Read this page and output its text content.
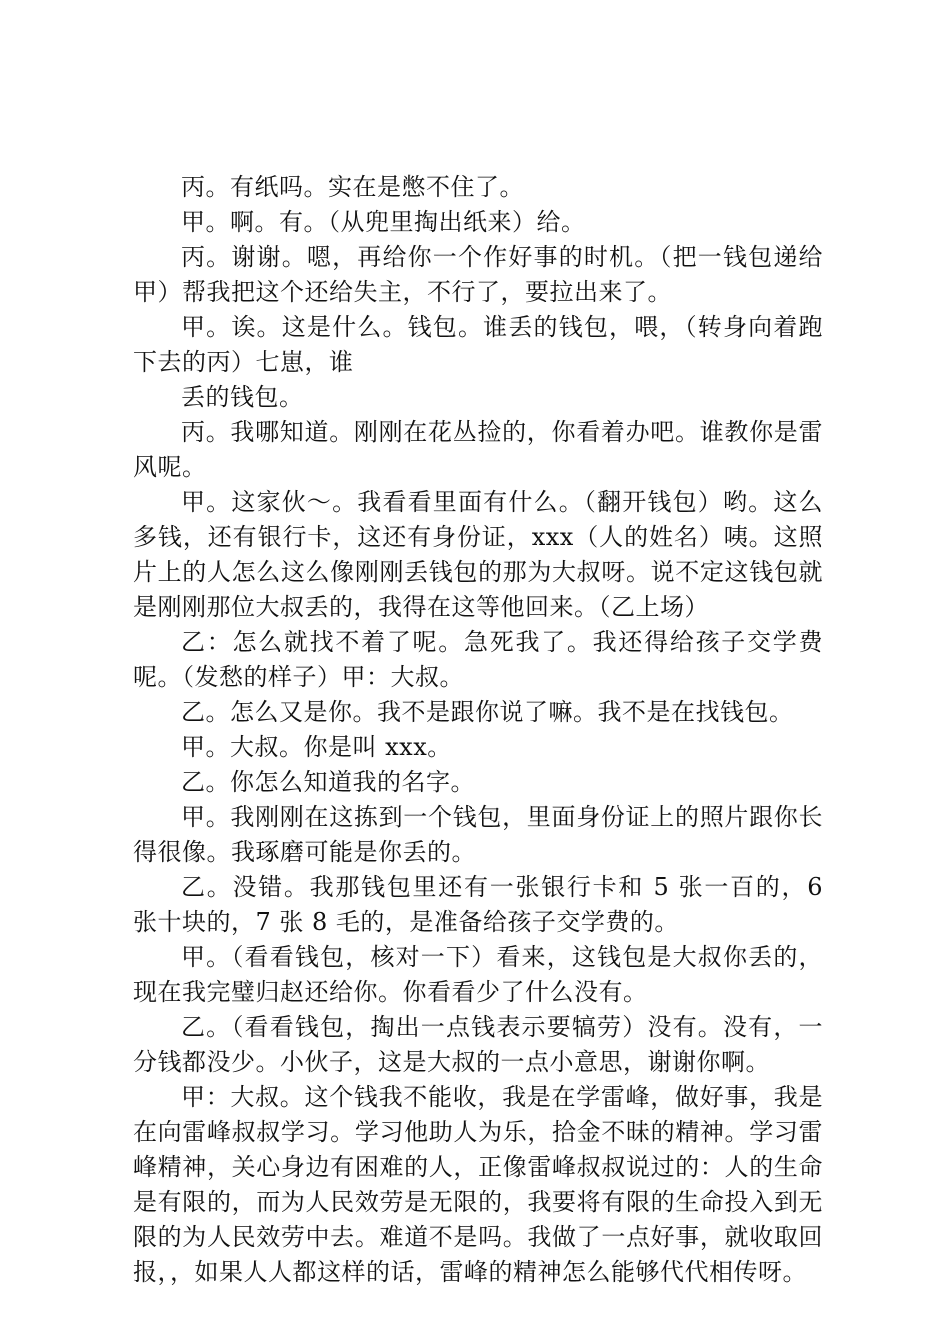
丙。有纸吗。实在是憋不住了。

甲。啊。有。（从兜里掏出纸来）给。

丙。谢谢。嗯，再给你一个作好事的时机。（把一钱包递给甲）帮我把这个还给失主，不行了，要拉出来了。

甲。诶。这是什么。钱包。谁丢的钱包，喂，（转身向着跑下去的丙）七崽，谁

丢的钱包。

丙。我哪知道。刚刚在花丛捡的，你看着办吧。谁教你是雷风呢。

甲。这家伙～。我看看里面有什么。（翻开钱包）哟。这么多钱，还有银行卡，这还有身份证，xxx（人的姓名）咦。这照片上的人怎么这么像刚刚丢钱包的那为大叔呀。说不定这钱包就是刚刚那位大叔丢的，我得在这等他回来。（乙上场）

乙：怎么就找不着了呢。急死我了。我还得给孩子交学费呢。（发愁的样子）甲：大叔。

乙。怎么又是你。我不是跟你说了嘛。我不是在找钱包。

甲。大叔。你是叫 xxx。

乙。你怎么知道我的名字。

甲。我刚刚在这拣到一个钱包，里面身份证上的照片跟你长得很像。我琢磨可能是你丢的。

乙。没错。我那钱包里还有一张银行卡和 5 张一百的，6 张十块的，7 张 8 毛的，是准备给孩子交学费的。

甲。（看看钱包，核对一下）看来，这钱包是大叔你丢的，现在我完璧归赵还给你。你看看少了什么没有。

乙。（看看钱包，掏出一点钱表示要犒劳）没有。没有，一分钱都没少。小伙子，这是大叔的一点小意思，谢谢你啊。

甲：大叔。这个钱我不能收，我是在学雷峰，做好事，我是在向雷峰叔叔学习。学习他助人为乐，拾金不昧的精神。学习雷峰精神，关心身边有困难的人，正像雷峰叔叔说过的：人的生命是有限的，而为人民效劳是无限的，我要将有限的生命投入到无限的为人民效劳中去。难道不是吗。我做了一点好事，就收取回报，，如果人人都这样的话，雷峰的精神怎么能够代代相传呀。
